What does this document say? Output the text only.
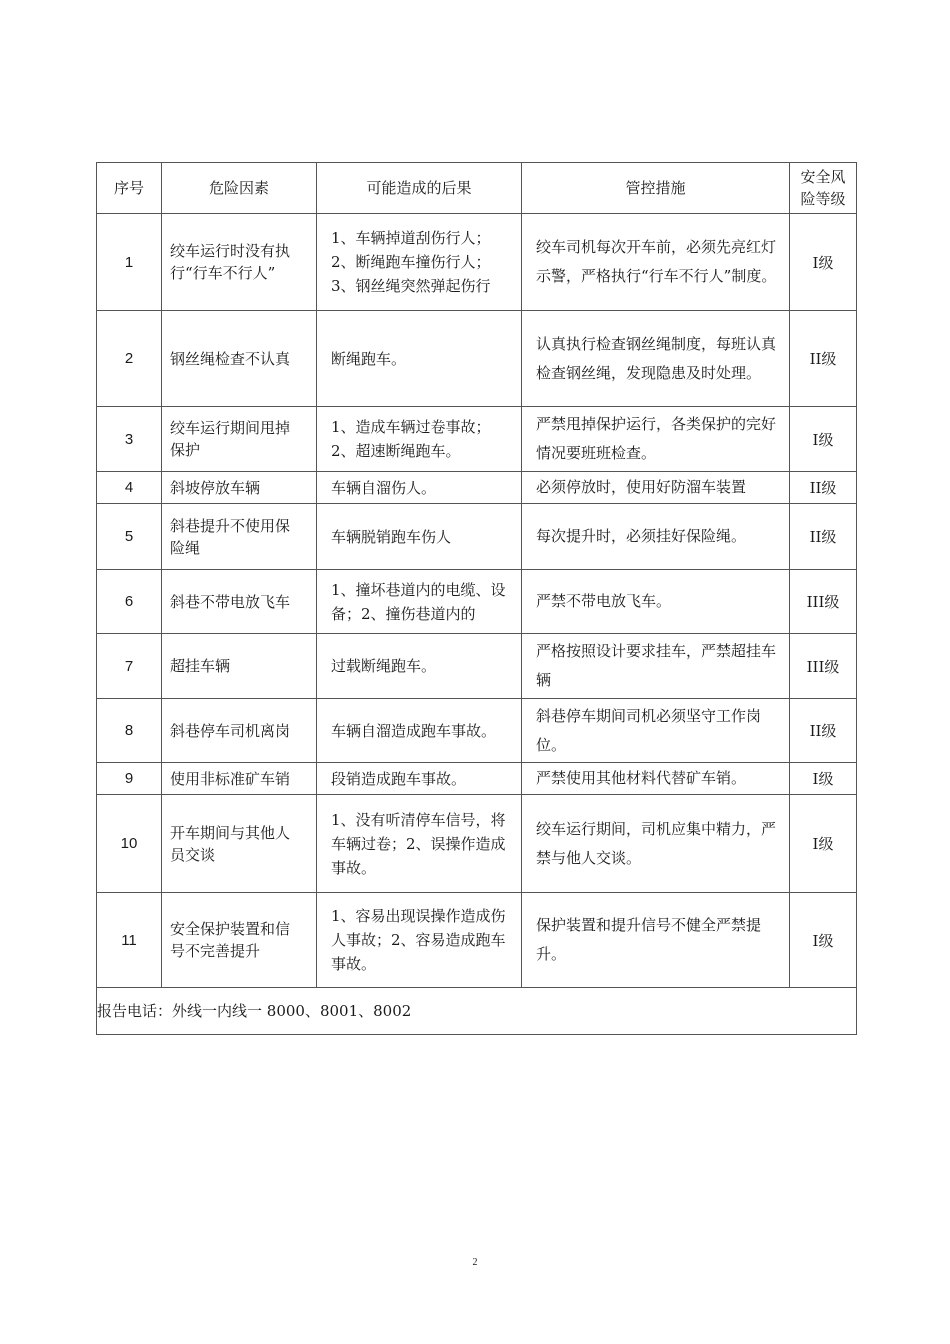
序号	危险因素	可能造成的后果	管控措施	安全风
险等级

1	绞车运行时没有执
行“行车不行人”	1、车辆掉道刮伤行人；
2、断绳跑车撞伤行人；
3、钢丝绳突然弹起伤行	绞车司机每次开车前，必须先亮红灯示警，严格执行“行车不行人”制度。	I级

2	钢丝绳检查不认真	断绳跑车。	认真执行检查钢丝绳制度，每班认真检查钢丝绳，发现隐患及时处理。	II级

3	绞车运行期间甩掉
保护	1、造成车辆过卷事故；
2、超速断绳跑车。	严禁甩掉保护运行，各类保护的完好情况要班班检查。	I级

4	斜坡停放车辆	车辆自溜伤人。	必须停放时，使用好防溜车装置	II级

5	斜巷提升不使用保
险绳	车辆脱销跑车伤人	每次提升时，必须挂好保险绳。	II级

6	斜巷不带电放飞车	1、撞坏巷道内的电缆、设备；2、撞伤巷道内的	严禁不带电放飞车。	III级

7	超挂车辆	过载断绳跑车。	严格按照设计要求挂车，严禁超挂车辆	III级

8	斜巷停车司机离岗	车辆自溜造成跑车事故。	斜巷停车期间司机必须坚守工作岗位。	II级

9	使用非标准矿车销	段销造成跑车事故。	严禁使用其他材料代替矿车销。	I级

10	开车期间与其他人
员交谈	1、没有听清停车信号，将车辆过卷；2、误操作造成事故。	绞车运行期间，司机应集中精力，严禁与他人交谈。	I级

11	安全保护装置和信
号不完善提升	1、容易出现误操作造成伤人事故；2、容易造成跑车事故。	保护装置和提升信号不健全严禁提升。	I级

报告电话：外线一内线一 8000、8001、8002				
2
